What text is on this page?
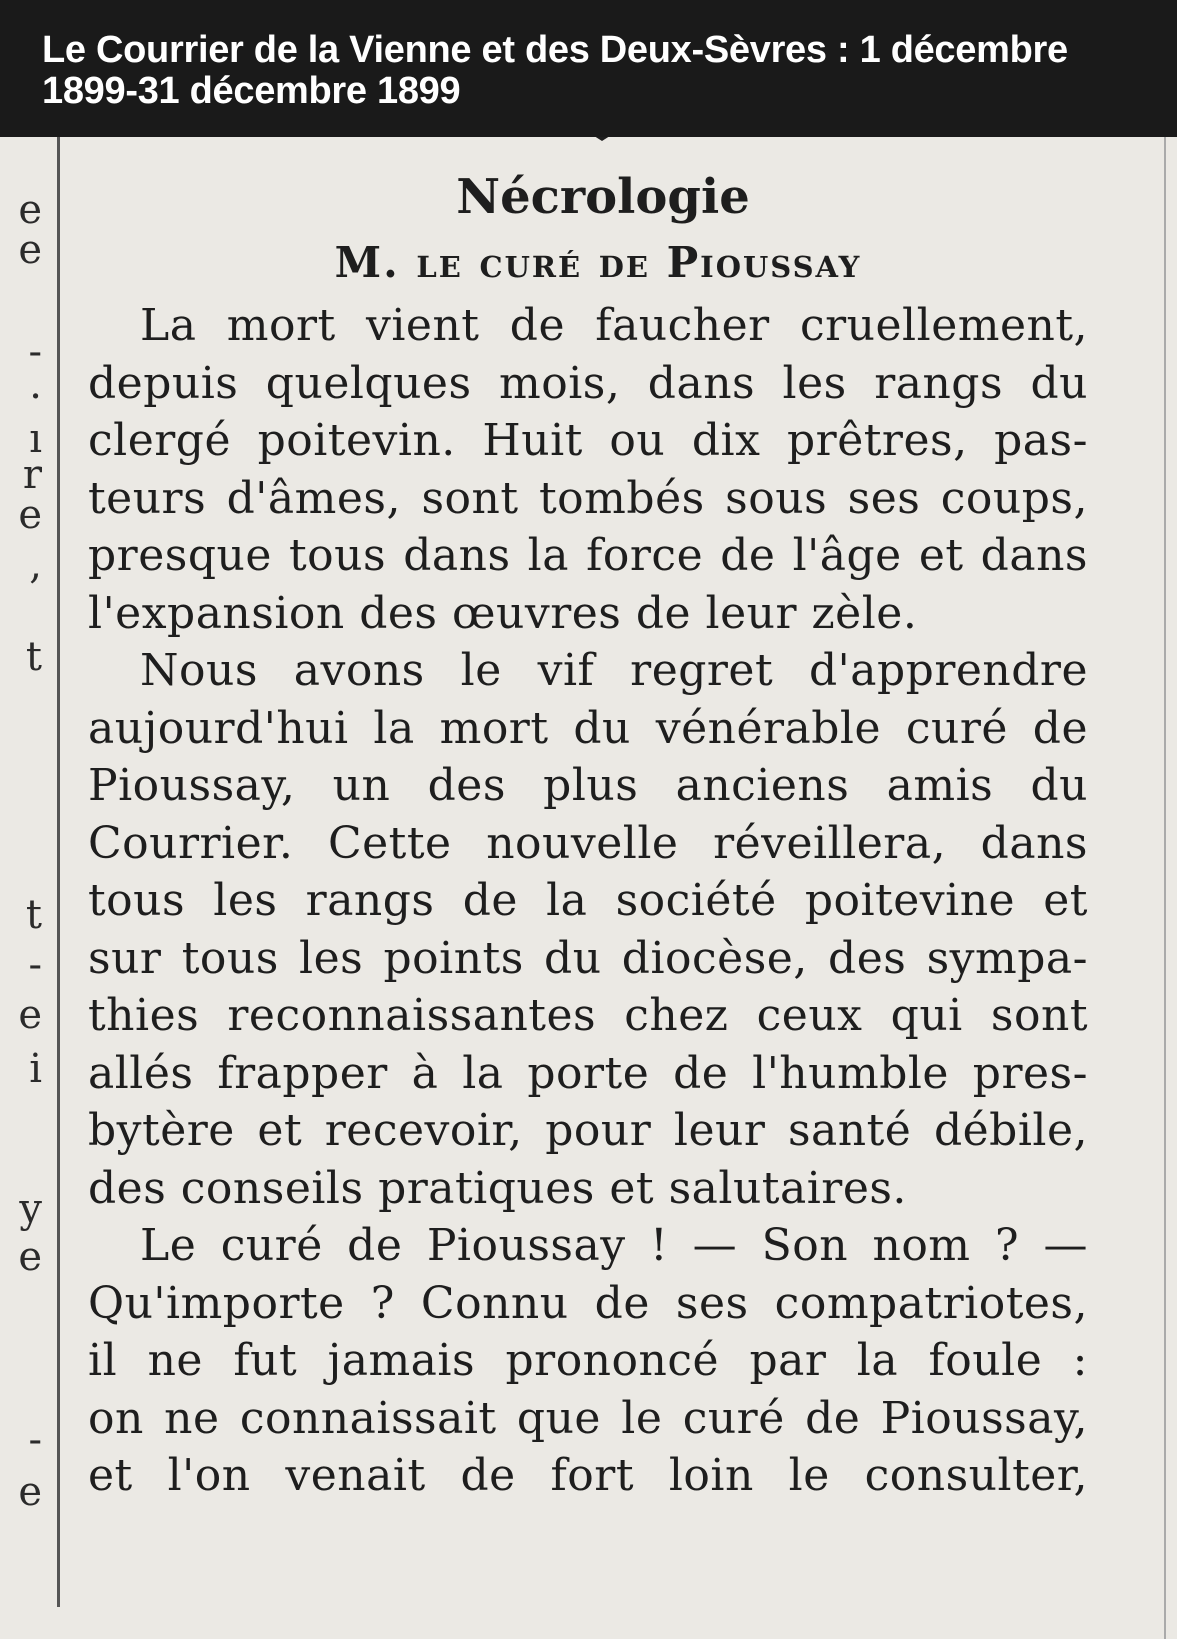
Le Courrier de la Vienne et des Deux-Sèvres : 1 décembre 1899-31 décembre 1899

e
e
-
·
ı
r
e
,
t
t
-
e
i
y
e
-
e
Nécrologie
M. le curé de Pioussay

La mort vient de faucher cruellement,
depuis quelques mois, dans les rangs du
clergé poitevin. Huit ou dix prêtres, pas-
teurs d'âmes, sont tombés sous ses coups,
presque tous dans la force de l'âge et dans
l'expansion des œuvres de leur zèle.

Nous avons le vif regret d'apprendre
aujourd'hui la mort du vénérable curé de
Pioussay, un des plus anciens amis du
Courrier. Cette nouvelle réveillera, dans
tous les rangs de la société poitevine et
sur tous les points du diocèse, des sympa-
thies reconnaissantes chez ceux qui sont
allés frapper à la porte de l'humble pres-
bytère et recevoir, pour leur santé débile,
des conseils pratiques et salutaires.

Le curé de Pioussay ! — Son nom ? —
Qu'importe ? Connu de ses compatriotes,
il ne fut jamais prononcé par la foule :
on ne connaissait que le curé de Pioussay,
et l'on venait de fort loin le consulter,
